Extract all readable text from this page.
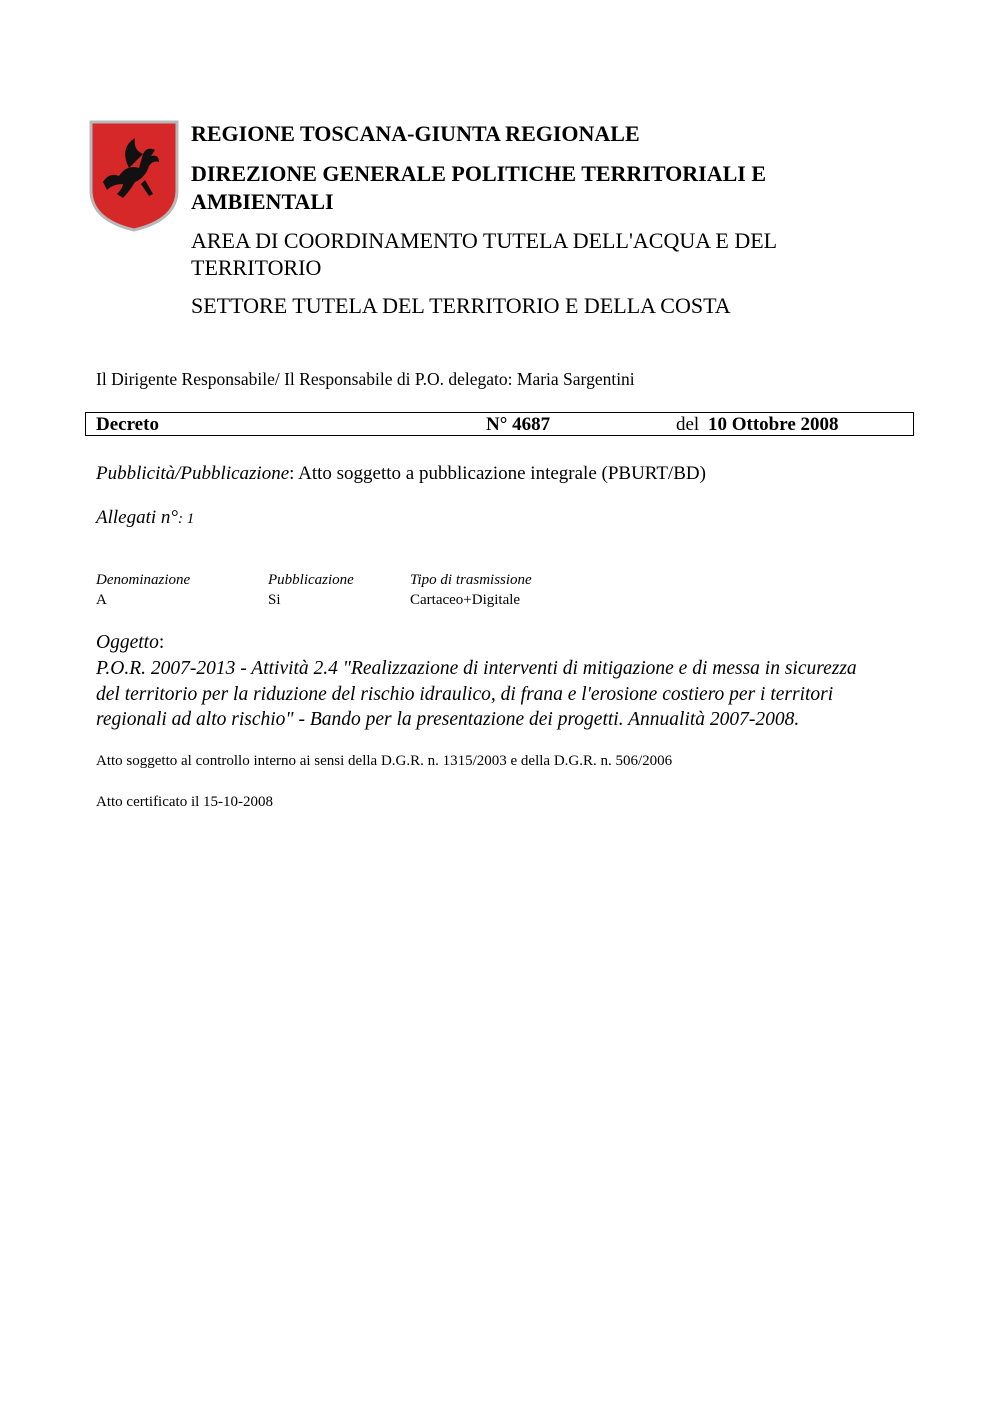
REGIONE TOSCANA-GIUNTA REGIONALE
DIREZIONE GENERALE POLITICHE TERRITORIALI E
AMBIENTALI
AREA DI COORDINAMENTO TUTELA DELL'ACQUA E DEL
TERRITORIO
SETTORE TUTELA DEL TERRITORIO E DELLA COSTA
Il Dirigente Responsabile/ Il Responsabile di P.O. delegato: Maria Sargentini
Decreto	N° 4687	del 10 Ottobre 2008
Pubblicità/Pubblicazione: Atto soggetto a pubblicazione integrale (PBURT/BD)
Allegati n°: 1
Denominazione	Pubblicazione	Tipo di trasmissione
A	Si	Cartaceo+Digitale
Oggetto:
P.O.R. 2007-2013 - Attività 2.4 "Realizzazione di interventi di mitigazione e di messa in sicurezza
del territorio per la riduzione del rischio idraulico, di frana e l'erosione costiero per i territori
regionali ad alto rischio" - Bando per la presentazione dei progetti. Annualità 2007-2008.
Atto soggetto al controllo interno ai sensi della D.G.R. n. 1315/2003 e della D.G.R. n. 506/2006
Atto certificato il 15-10-2008
